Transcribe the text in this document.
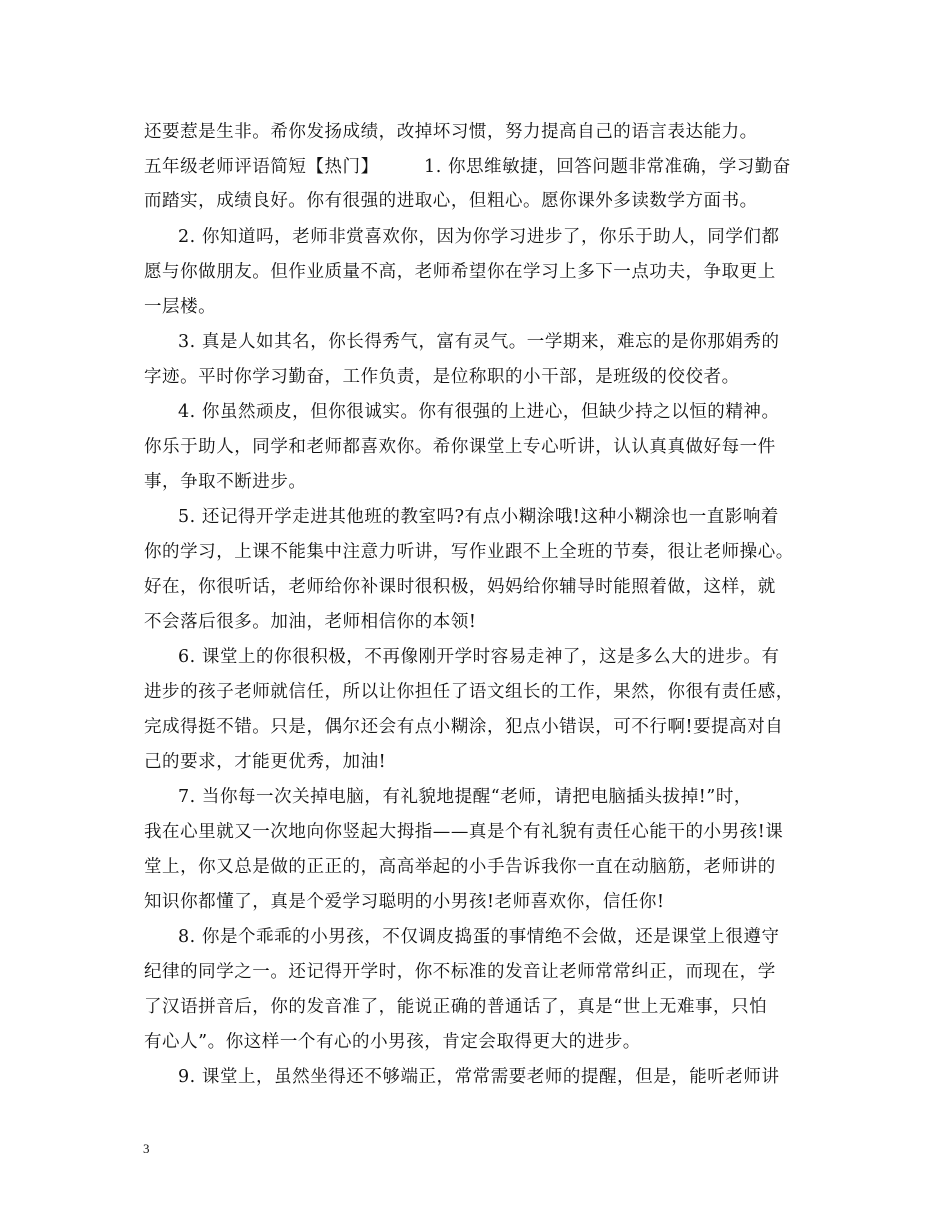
还要惹是生非。希你发扬成绩，改掉坏习惯，努力提高自己的语言表达能力。
五年级老师评语简短【热门】　　　1. 你思维敏捷，回答问题非常准确，学习勤奋
而踏实，成绩良好。你有很强的进取心，但粗心。愿你课外多读数学方面书。
2. 你知道吗，老师非赏喜欢你，因为你学习进步了，你乐于助人，同学们都
愿与你做朋友。但作业质量不高，老师希望你在学习上多下一点功夫，争取更上
一层楼。
3. 真是人如其名，你长得秀气，富有灵气。一学期来，难忘的是你那娟秀的
字迹。平时你学习勤奋，工作负责，是位称职的小干部，是班级的佼佼者。
4. 你虽然顽皮，但你很诚实。你有很强的上进心，但缺少持之以恒的精神。
你乐于助人，同学和老师都喜欢你。希你课堂上专心听讲，认认真真做好每一件
事，争取不断进步。
5. 还记得开学走进其他班的教室吗?有点小糊涂哦!这种小糊涂也一直影响着
你的学习，上课不能集中注意力听讲，写作业跟不上全班的节奏，很让老师操心。
好在，你很听话，老师给你补课时很积极，妈妈给你辅导时能照着做，这样，就
不会落后很多。加油，老师相信你的本领!
6. 课堂上的你很积极，不再像刚开学时容易走神了，这是多么大的进步。有
进步的孩子老师就信任，所以让你担任了语文组长的工作，果然，你很有责任感，
完成得挺不错。只是，偶尔还会有点小糊涂，犯点小错误，可不行啊!要提高对自
己的要求，才能更优秀，加油!
7. 当你每一次关掉电脑，有礼貌地提醒“老师，请把电脑插头拔掉!”时，
我在心里就又一次地向你竖起大拇指——真是个有礼貌有责任心能干的小男孩!课
堂上，你又总是做的正正的，高高举起的小手告诉我你一直在动脑筋，老师讲的
知识你都懂了，真是个爱学习聪明的小男孩!老师喜欢你，信任你!
8. 你是个乖乖的小男孩，不仅调皮捣蛋的事情绝不会做，还是课堂上很遵守
纪律的同学之一。还记得开学时，你不标准的发音让老师常常纠正，而现在，学
了汉语拼音后，你的发音准了，能说正确的普通话了，真是“世上无难事，只怕
有心人”。你这样一个有心的小男孩，肯定会取得更大的进步。
9. 课堂上，虽然坐得还不够端正，常常需要老师的提醒，但是，能听老师讲
3
